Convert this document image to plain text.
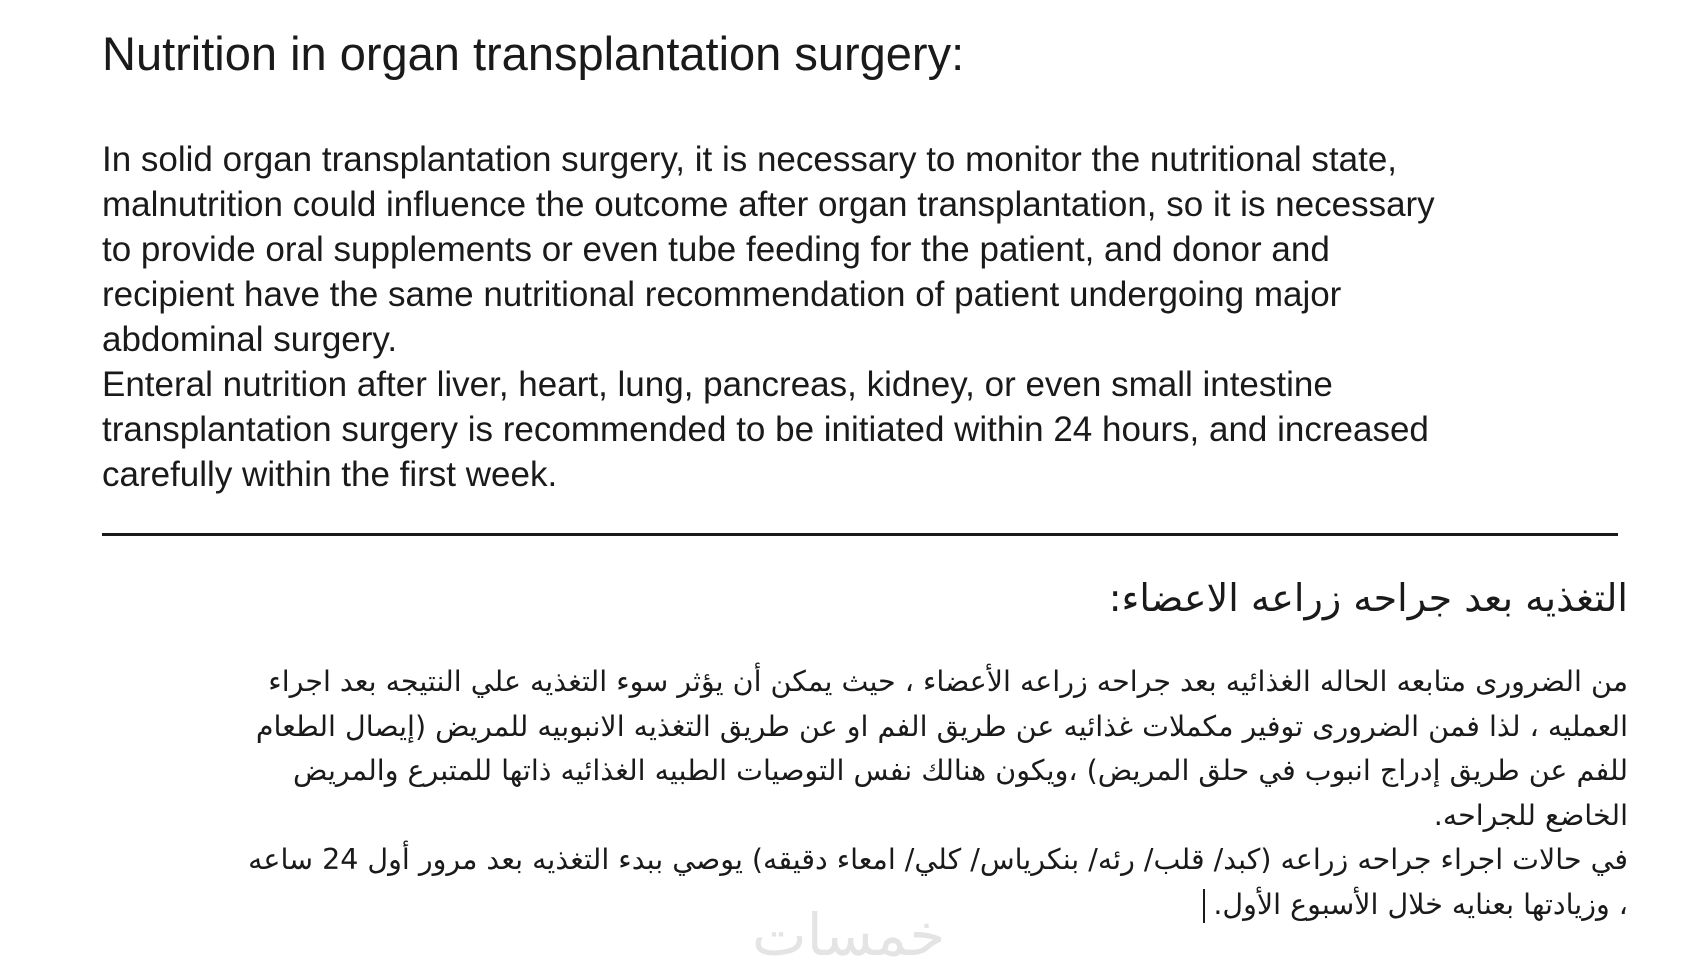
Nutrition in organ transplantation surgery:

In solid organ transplantation surgery, it is necessary to monitor the nutritional state,
malnutrition could influence the outcome after organ transplantation, so it is necessary
to provide oral supplements or even tube feeding for the patient, and donor and
recipient have the same nutritional recommendation of patient undergoing major
abdominal surgery.
Enteral nutrition after liver, heart, lung, pancreas, kidney, or even small intestine
transplantation surgery is recommended to be initiated within 24 hours, and increased
carefully within the first week.

التغذيه بعد جراحه زراعه الاعضاء:

من الضرورى متابعه الحاله الغذائيه بعد جراحه زراعه الأعضاء ، حيث يمكن أن يؤثر سوء التغذيه علي النتيجه بعد اجراء
العمليه ، لذا فمن الضرورى توفير مكملات غذائيه عن طريق الفم او عن طريق التغذيه الانبوبيه للمريض (إيصال الطعام
للفم عن طريق إدراج انبوب في حلق المريض) ،ويكون هنالك نفس التوصيات الطبيه الغذائيه ذاتها للمتبرع والمريض
الخاضع للجراحه.
في حالات اجراء جراحه زراعه (كبد/ قلب/ رئه/ بنكرياس/ كلي/ امعاء دقيقه) يوصي ببدء التغذيه بعد مرور أول 24 ساعه
، وزيادتها بعنايه خلال الأسبوع الأول.

خمسات
